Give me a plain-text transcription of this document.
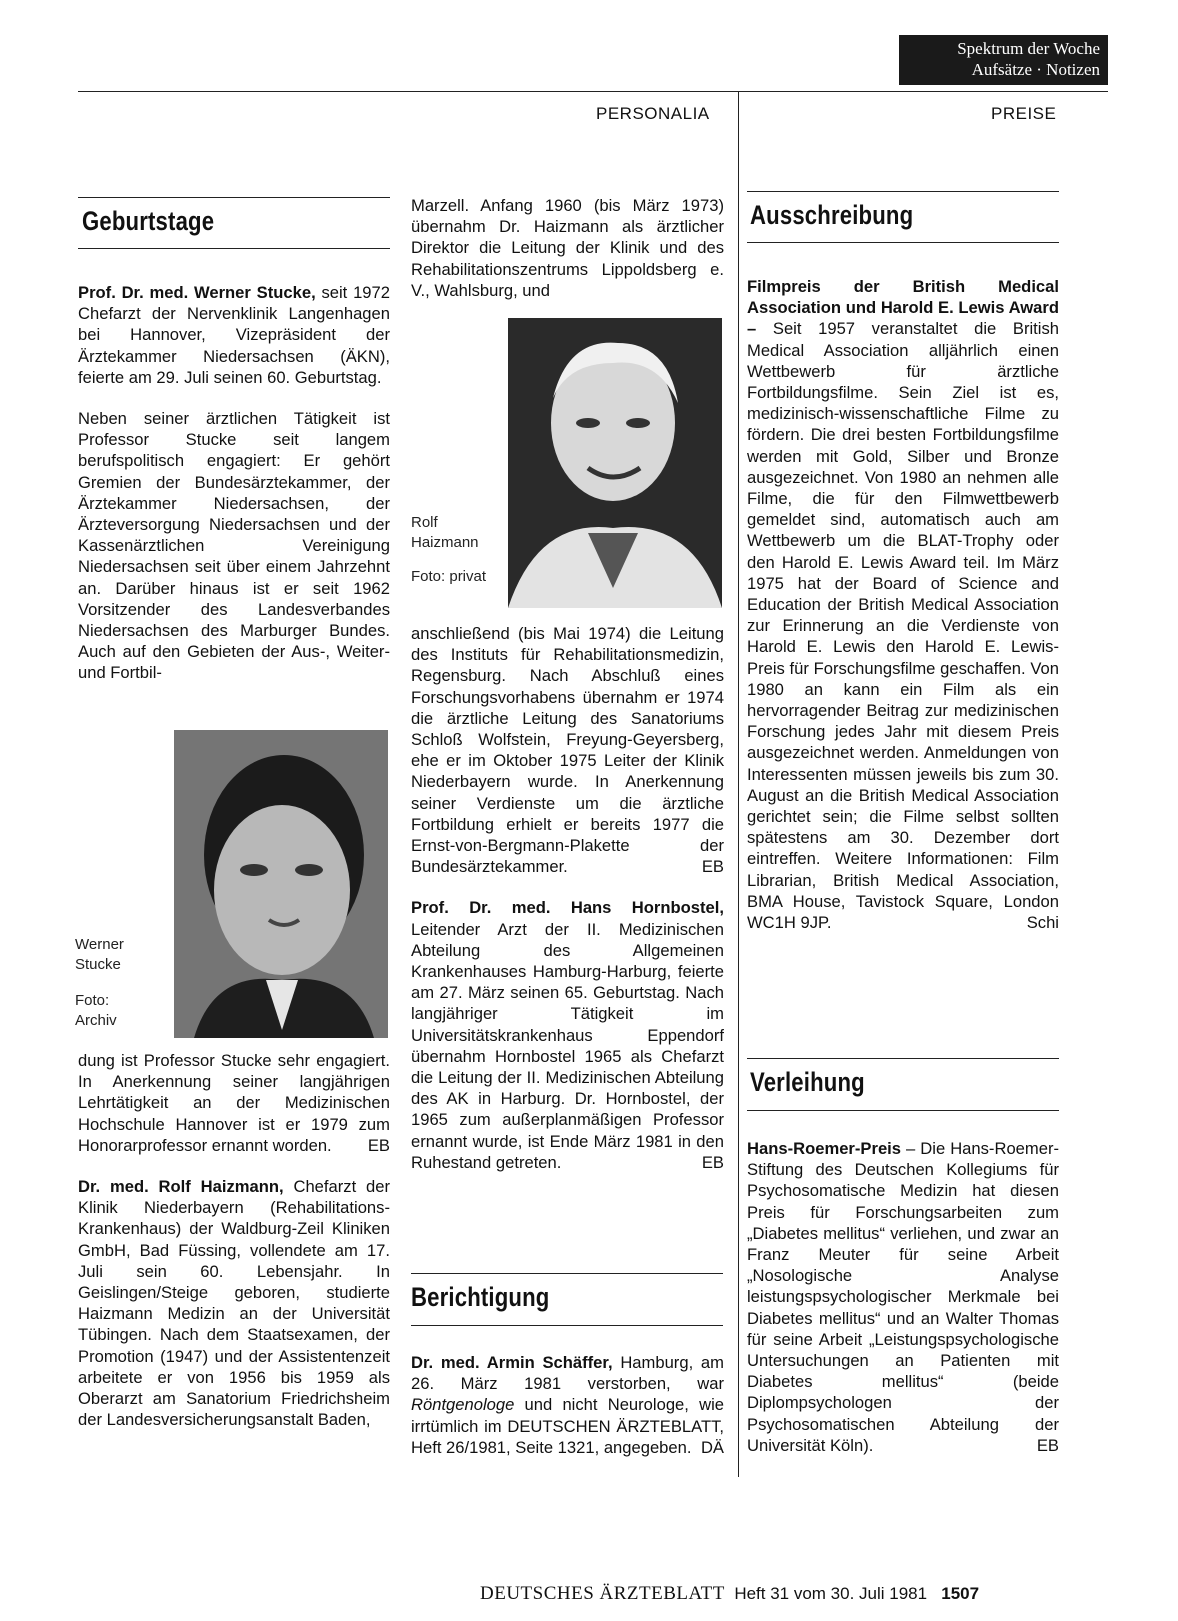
Spektrum der Woche
Aufsätze · Notizen
PERSONALIA	PREISE
Geburtstage

Prof. Dr. med. Werner Stucke, seit 1972 Chefarzt der Nervenklinik Langenhagen bei Hannover, Vizepräsident der Ärztekammer Niedersachsen (ÄKN), feierte am 29. Juli seinen 60. Geburtstag.

Neben seiner ärztlichen Tätigkeit ist Professor Stucke seit langem berufspolitisch engagiert: Er gehört Gremien der Bundesärztekammer, der Ärztekammer Niedersachsen, der Ärzteversorgung Niedersachsen und der Kassenärztlichen Vereinigung Niedersachsen seit über einem Jahrzehnt an. Darüber hinaus ist er seit 1962 Vorsitzender des Landesverbandes Niedersachsen des Marburger Bundes. Auch auf den Gebieten der Aus-, Weiter- und Fortbil-

Werner Stucke
Foto: Archiv

dung ist Professor Stucke sehr engagiert. In Anerkennung seiner langjährigen Lehrtätigkeit an der Medizinischen Hochschule Hannover ist er 1979 zum Honorarprofessor ernannt worden. EB

Dr. med. Rolf Haizmann, Chefarzt der Klinik Niederbayern (Rehabilitations-Krankenhaus) der Waldburg-Zeil Kliniken GmbH, Bad Füssing, vollendete am 17. Juli sein 60. Lebensjahr. In Geislingen/Steige geboren, studierte Haizmann Medizin an der Universität Tübingen. Nach dem Staatsexamen, der Promotion (1947) und der Assistentenzeit arbeitete er von 1956 bis 1959 als Oberarzt am Sanatorium Friedrichsheim der Landesversicherungsanstalt Baden,

Marzell. Anfang 1960 (bis März 1973) übernahm Dr. Haizmann als ärztlicher Direktor die Leitung der Klinik und des Rehabilitationszentrums Lippoldsberg e. V., Wahlsburg, und

Rolf Haizmann
Foto: privat

anschließend (bis Mai 1974) die Leitung des Instituts für Rehabilitationsmedizin, Regensburg. Nach Abschluß eines Forschungsvorhabens übernahm er 1974 die ärztliche Leitung des Sanatoriums Schloß Wolfstein, Freyung-Geyersberg, ehe er im Oktober 1975 Leiter der Klinik Niederbayern wurde. In Anerkennung seiner Verdienste um die ärztliche Fortbildung erhielt er bereits 1977 die Ernst-von-Bergmann-Plakette der Bundesärztekammer.	EB

Prof. Dr. med. Hans Hornbostel, Leitender Arzt der II. Medizinischen Abteilung des Allgemeinen Krankenhauses Hamburg-Harburg, feierte am 27. März seinen 65. Geburtstag. Nach langjähriger Tätigkeit im Universitätskrankenhaus Eppendorf übernahm Hornbostel 1965 als Chefarzt die Leitung der II. Medizinischen Abteilung des AK in Harburg. Dr. Hornbostel, der 1965 zum außerplanmäßigen Professor ernannt wurde, ist Ende März 1981 in den Ruhestand getreten.	EB

Berichtigung

Dr. med. Armin Schäffer, Hamburg, am 26. März 1981 verstorben, war Röntgenologe und nicht Neurologe, wie irrtümlich im DEUTSCHEN ÄRZTEBLATT, Heft 26/1981, Seite 1321, angegeben. DÄ

Ausschreibung

Filmpreis der British Medical Association und Harold E. Lewis Award – Seit 1957 veranstaltet die British Medical Association alljährlich einen Wettbewerb für ärztliche Fortbildungsfilme. Sein Ziel ist es, medizinisch-wissenschaftliche Filme zu fördern. Die drei besten Fortbildungsfilme werden mit Gold, Silber und Bronze ausgezeichnet. Von 1980 an nehmen alle Filme, die für den Filmwettbewerb gemeldet sind, automatisch auch am Wettbewerb um die BLAT-Trophy oder den Harold E. Lewis Award teil. Im März 1975 hat der Board of Science and Education der British Medical Association zur Erinnerung an die Verdienste von Harold E. Lewis den Harold E. Lewis-Preis für Forschungsfilme geschaffen. Von 1980 an kann ein Film als ein hervorragender Beitrag zur medizinischen Forschung jedes Jahr mit diesem Preis ausgezeichnet werden. Anmeldungen von Interessenten müssen jeweils bis zum 30. August an die British Medical Association gerichtet sein; die Filme selbst sollten spätestens am 30. Dezember dort eintreffen. Weitere Informationen: Film Librarian, British Medical Association, BMA House, Tavistock Square, London WC1H 9JP.	Schi

Verleihung

Hans-Roemer-Preis – Die Hans-Roemer-Stiftung des Deutschen Kollegiums für Psychosomatische Medizin hat diesen Preis für Forschungsarbeiten zum „Diabetes mellitus“ verliehen, und zwar an Franz Meuter für seine Arbeit „Nosologische Analyse leistungspsychologischer Merkmale bei Diabetes mellitus“ und an Walter Thomas für seine Arbeit „Leistungspsychologische Untersuchungen an Patienten mit Diabetes mellitus“ (beide Diplompsychologen der Psychosomatischen Abteilung der Universität Köln).	EB

DEUTSCHES ÄRZTEBLATT Heft 31 vom 30. Juli 1981 1507
